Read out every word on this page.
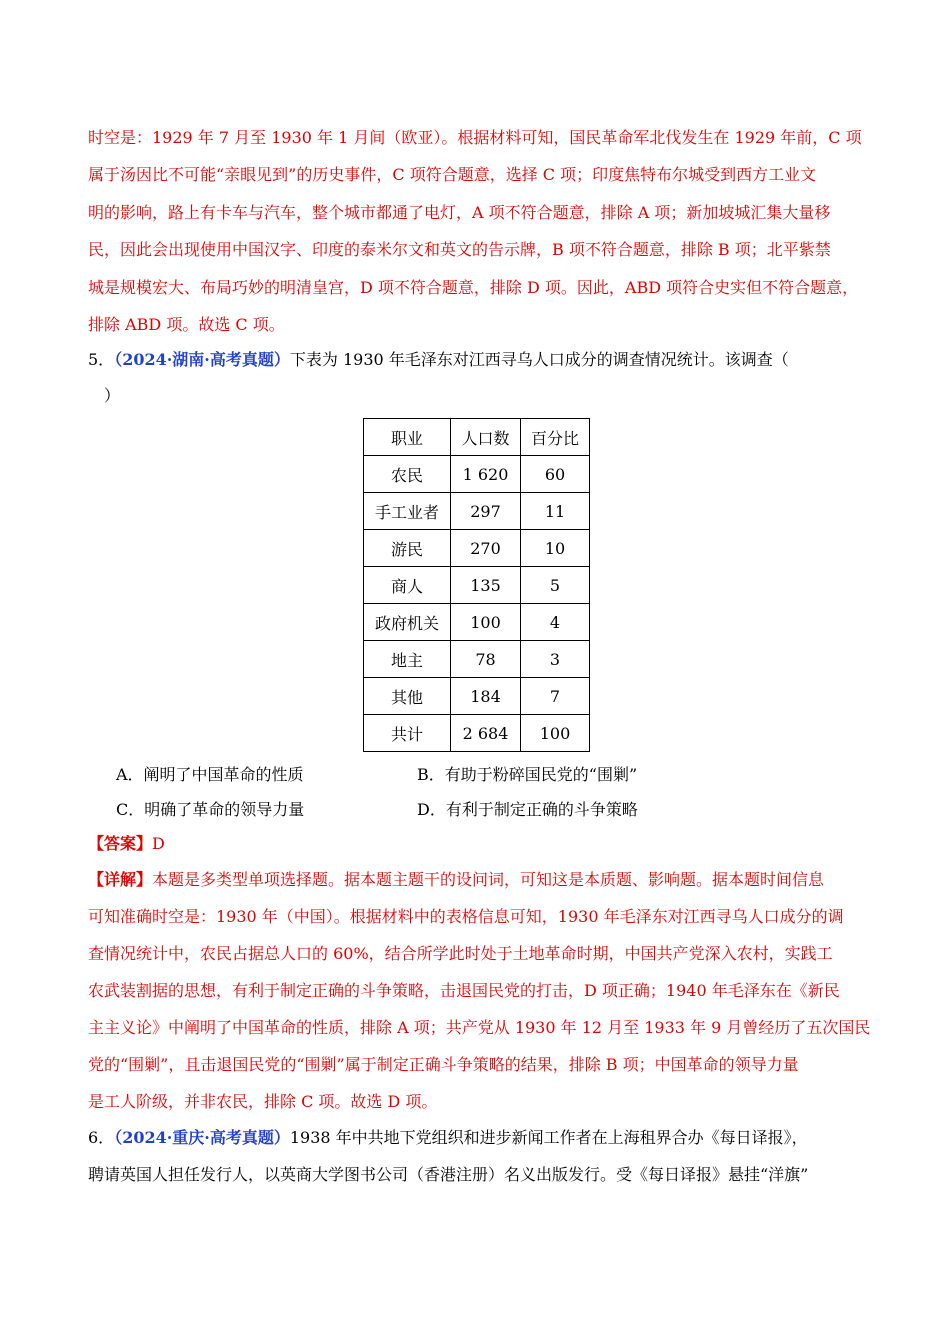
时空是：1929 年 7 月至 1930 年 1 月间（欧亚）。根据材料可知，国民革命军北伐发生在 1929 年前，C 项
属于汤因比不可能“亲眼见到”的历史事件，C 项符合题意，选择 C 项；印度焦特布尔城受到西方工业文
明的影响，路上有卡车与汽车，整个城市都通了电灯，A 项不符合题意，排除 A 项；新加坡城汇集大量移
民，因此会出现使用中国汉字、印度的泰米尔文和英文的告示牌，B 项不符合题意，排除 B 项；北平紫禁
城是规模宏大、布局巧妙的明清皇宫，D 项不符合题意，排除 D 项。因此，ABD 项符合史实但不符合题意，
排除 ABD 项。故选 C 项。
5．（2024·湖南·高考真题）下表为 1930 年毛泽东对江西寻乌人口成分的调查情况统计。该调查（
）
职业	人口数	百分比
农民	1 620	60
手工业者	297	11
游民	270	10
商人	135	5
政府机关	100	4
地主	78	3
其他	184	7
共计	2 684	100
A．阐明了中国革命的性质	B．有助于粉碎国民党的“围剿”
C．明确了革命的领导力量	D．有利于制定正确的斗争策略
【答案】D
【详解】本题是多类型单项选择题。据本题主题干的设问词，可知这是本质题、影响题。据本题时间信息
可知准确时空是：1930 年（中国）。根据材料中的表格信息可知，1930 年毛泽东对江西寻乌人口成分的调
查情况统计中，农民占据总人口的 60%，结合所学此时处于土地革命时期，中国共产党深入农村，实践工
农武装割据的思想，有利于制定正确的斗争策略，击退国民党的打击，D 项正确；1940 年毛泽东在《新民
主主义论》中阐明了中国革命的性质，排除 A 项；共产党从 1930 年 12 月至 1933 年 9 月曾经历了五次国民
党的“围剿”，且击退国民党的“围剿”属于制定正确斗争策略的结果，排除 B 项；中国革命的领导力量
是工人阶级，并非农民，排除 C 项。故选 D 项。
6．（2024·重庆·高考真题）1938 年中共地下党组织和进步新闻工作者在上海租界合办《每日译报》，
聘请英国人担任发行人，以英商大学图书公司（香港注册）名义出版发行。受《每日译报》悬挂“洋旗”
